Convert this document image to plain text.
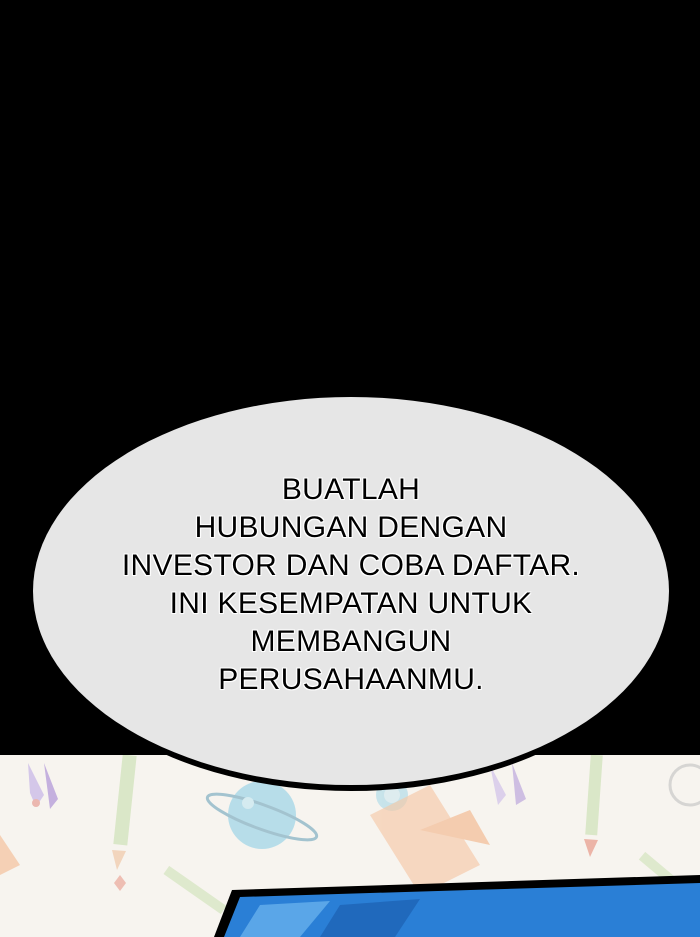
BUATLAH
HUBUNGAN DENGAN
INVESTOR DAN COBA DAFTAR.
INI KESEMPATAN UNTUK
MEMBANGUN
PERUSAHAANMU.
